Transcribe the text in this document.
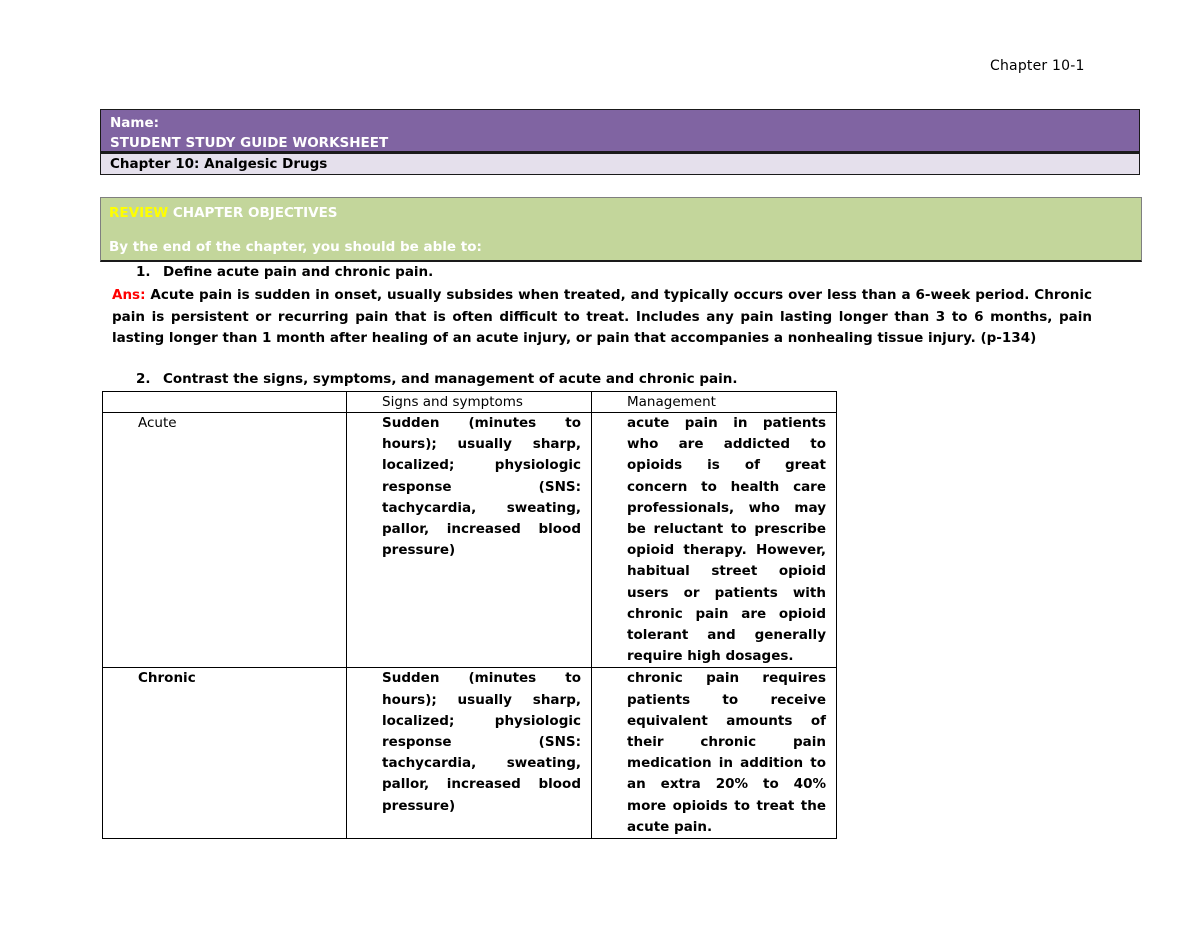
Chapter 10-1
Name:
STUDENT STUDY GUIDE WORKSHEET
Chapter 10: Analgesic Drugs
REVIEW CHAPTER OBJECTIVES
By the end of the chapter, you should be able to:
1. Define acute pain and chronic pain.
Ans: Acute pain is sudden in onset, usually subsides when treated, and typically occurs over less than a 6-week period. Chronic pain is persistent or recurring pain that is often difficult to treat. Includes any pain lasting longer than 3 to 6 months, pain lasting longer than 1 month after healing of an acute injury, or pain that accompanies a nonhealing tissue injury. (p-134)
2. Contrast the signs, symptoms, and management of acute and chronic pain.
	Signs and symptoms	Management
Acute	Sudden (minutes to hours); usually sharp, localized; physiologic response (SNS: tachycardia, sweating, pallor, increased blood pressure)	acute pain in patients who are addicted to opioids is of great concern to health care professionals, who may be reluctant to prescribe opioid therapy. However, habitual street opioid users or patients with chronic pain are opioid tolerant and generally require high dosages.
Chronic	Sudden (minutes to hours); usually sharp, localized; physiologic response (SNS: tachycardia, sweating, pallor, increased blood pressure)	chronic pain requires patients to receive equivalent amounts of their chronic pain medication in addition to an extra 20% to 40% more opioids to treat the acute pain.
